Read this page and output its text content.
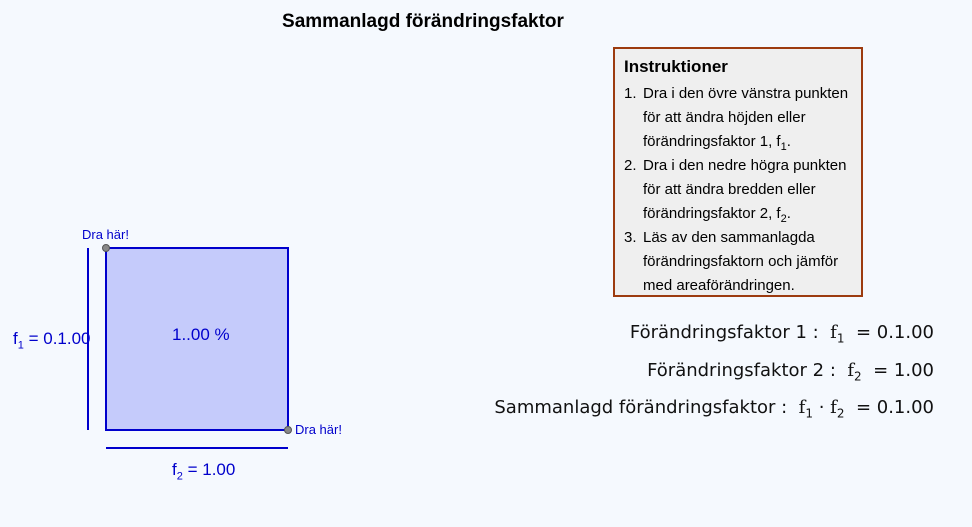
Sammanlagd förändringsfaktor
Instruktioner
1. Dra i den övre vänstra punkten
för att ändra höjden eller
förändringsfaktor 1, $f_1$.
2. Dra i den nedre högra punkten
för att ändra bredden eller
förändringsfaktor 2, $f_2$.
3. Läs av den sammanlagda
förändringsfaktorn och jämför
med areaförändringen.
Dra här!
Dra här!
$f_1 = 0.1.00$
$f_2 = 1.00$
1..00 %	Förändringsfaktor 1 : $f_1 = 0.1.00$
Förändringsfaktor 2 : $f_2 = 1.00$
Sammanlagd förändringsfaktor : $f_1 \cdot f_2 = 0.1.00$
